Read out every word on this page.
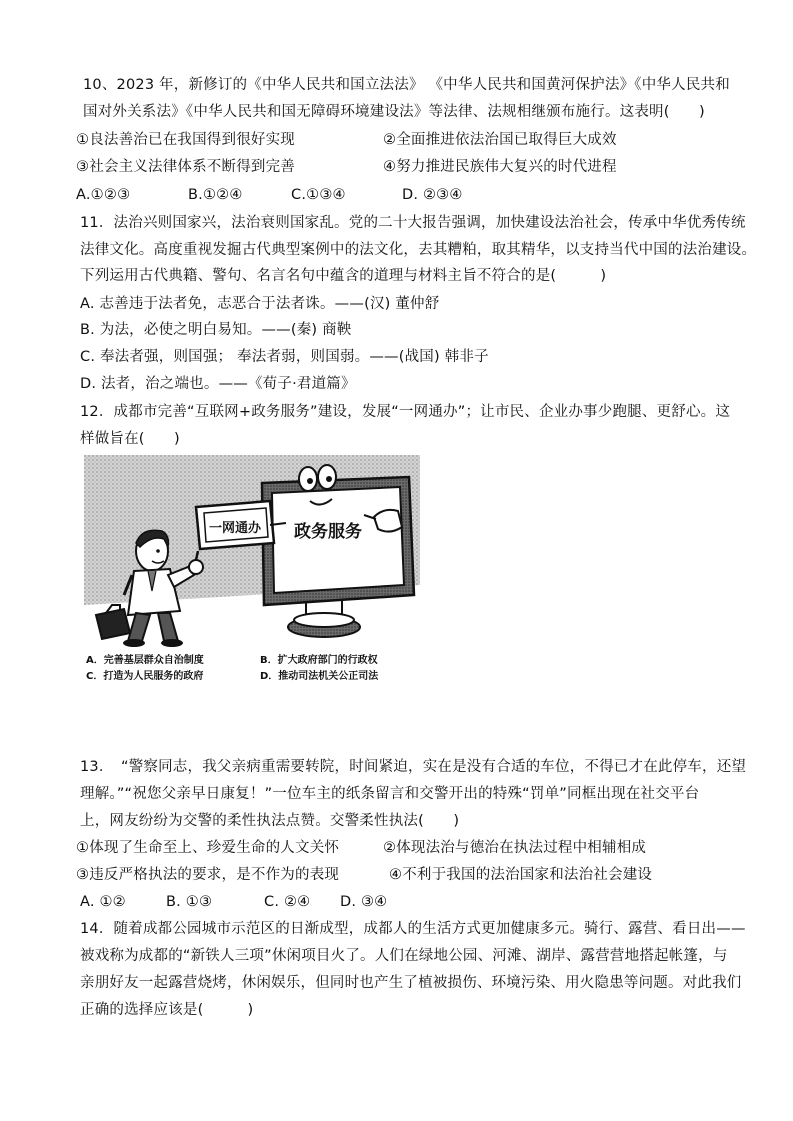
10、2023 年，新修订的《中华人民共和国立法法》 《中华人民共和国黄河保护法》《中华人民共和
国对外关系法》《中华人民共和国无障碍环境建设法》等法律、法规相继颁布施行。这表明(　　)
①良法善治已在我国得到很好实现	②全面推进依法治国已取得巨大成效
③社会主义法律体系不断得到完善	④努力推进民族伟大复兴的时代进程
A.①②③	B.①②④	C.①③④	D. ②③④
11．法治兴则国家兴，法治衰则国家乱。党的二十大报告强调，加快建设法治社会，传承中华优秀传统
法律文化。高度重视发掘古代典型案例中的法文化，去其糟粕，取其精华，以支持当代中国的法治建设。
下列运用古代典籍、警句、名言名句中蕴含的道理与材料主旨不符合的是(　　　)
A. 志善违于法者免，志恶合于法者诛。——(汉) 董仲舒
B. 为法，必使之明白易知。——(秦) 商鞅
C. 奉法者强，则国强； 奉法者弱，则国弱。——(战国) 韩非子
D. 法者，治之端也。——《荀子·君道篇》
12．成都市完善“互联网+政务服务”建设，发展“一网通办”；让市民、企业办事少跑腿、更舒心。这
样做旨在(　　)
一网通办 政务服务
A．完善基层群众自治制度	B．扩大政府部门的行政权
C．打造为人民服务的政府	D．推动司法机关公正司法
13．　“警察同志，我父亲病重需要转院，时间紧迫，实在是没有合适的车位，不得已才在此停车，还望
理解。”“祝您父亲早日康复！”一位车主的纸条留言和交警开出的特殊“罚单”同框出现在社交平台
上，网友纷纷为交警的柔性执法点赞。交警柔性执法(　　)
①体现了生命至上、珍爱生命的人文关怀	②体现法治与德治在执法过程中相辅相成
③违反严格执法的要求，是不作为的表现	④不利于我国的法治国家和法治社会建设
A. ①②	B. ①③	C. ②④ D. ③④
14．随着成都公园城市示范区的日渐成型，成都人的生活方式更加健康多元。骑行、露营、看日出——
被戏称为成都的“新铁人三项”休闲项目火了。人们在绿地公园、河滩、湖岸、露营营地搭起帐篷，与
亲朋好友一起露营烧烤，休闲娱乐，但同时也产生了植被损伤、环境污染、用火隐患等问题。对此我们
正确的选择应该是(　　　)
